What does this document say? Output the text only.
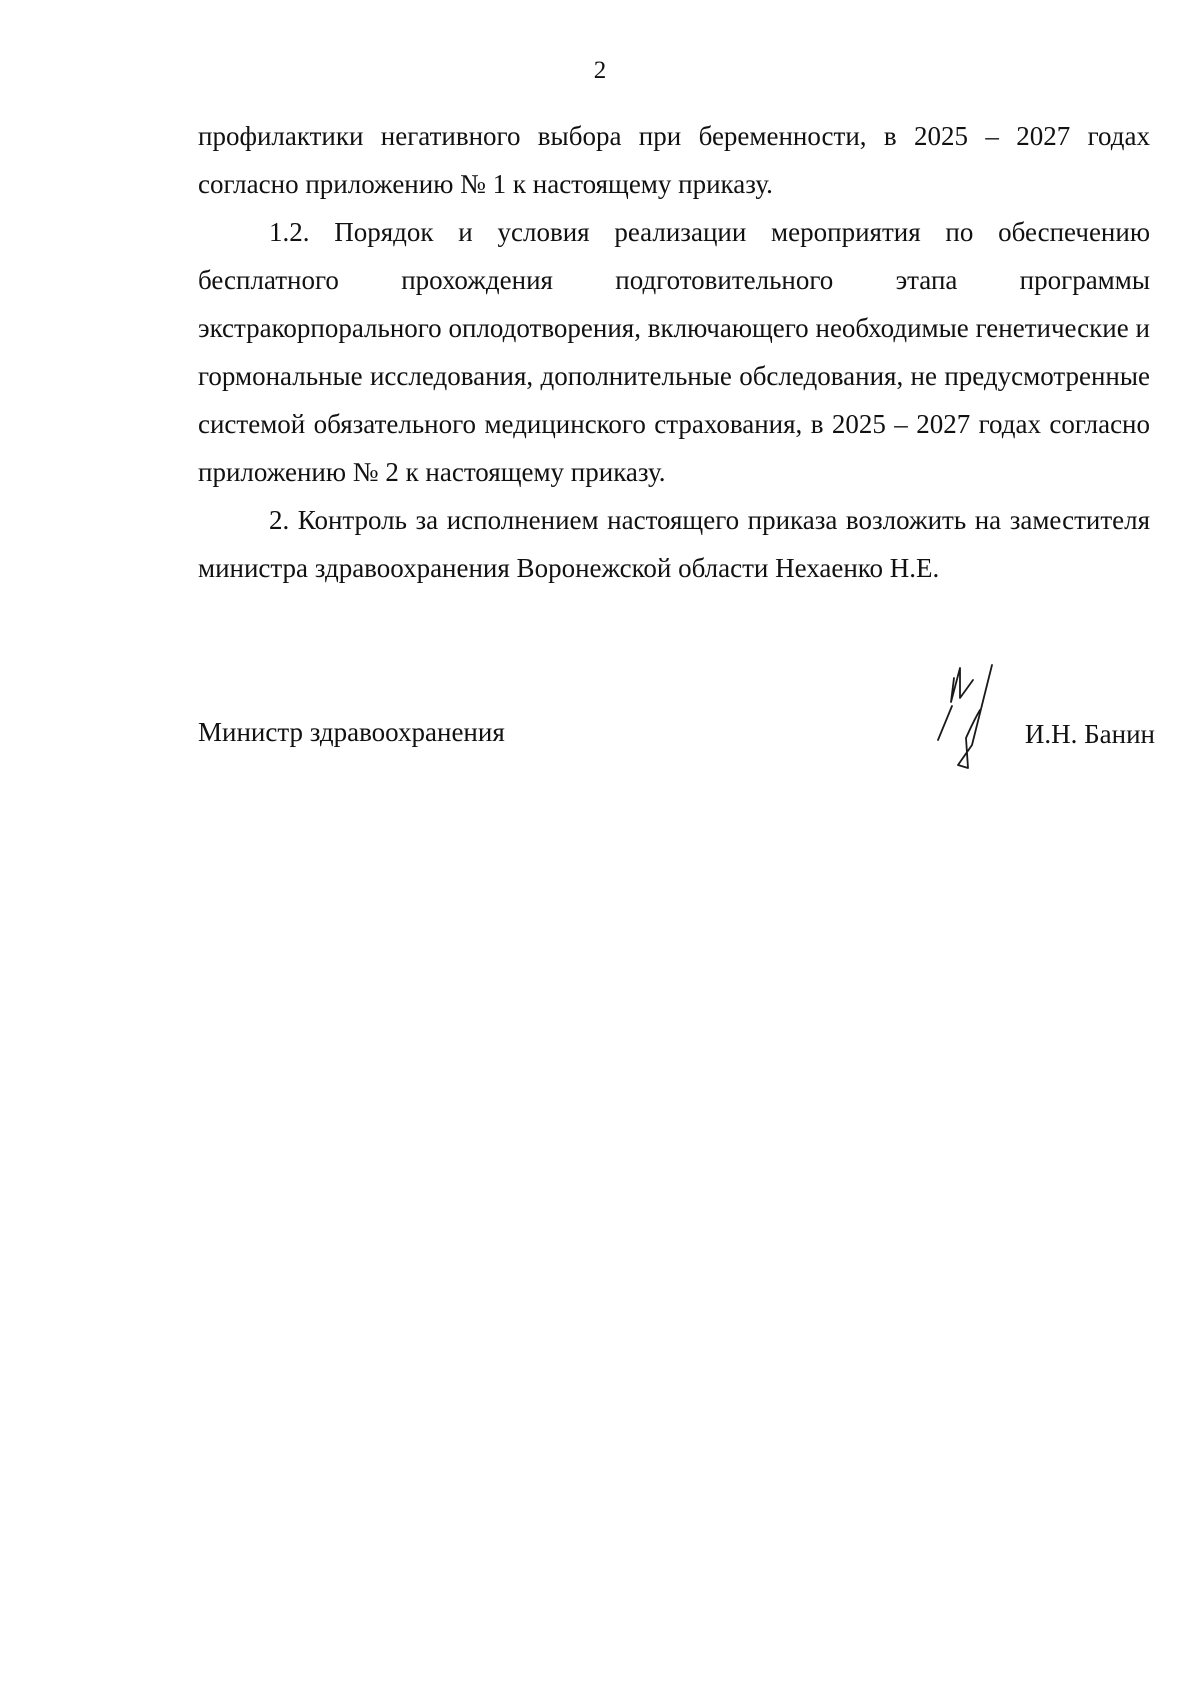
2

профилактики негативного выбора при беременности, в 2025 – 2027 годах согласно приложению № 1 к настоящему приказу.

1.2. Порядок и условия реализации мероприятия по обеспечению бесплатного прохождения подготовительного этапа программы экстракорпорального оплодотворения, включающего необходимые генетические и гормональные исследования, дополнительные обследования, не предусмотренные системой обязательного медицинского страхования, в 2025 – 2027 годах согласно приложению № 2 к настоящему приказу.

2. Контроль за исполнением настоящего приказа возложить на заместителя министра здравоохранения Воронежской области Нехаенко Н.Е.

Министр здравоохранения	И.Н. Банин
